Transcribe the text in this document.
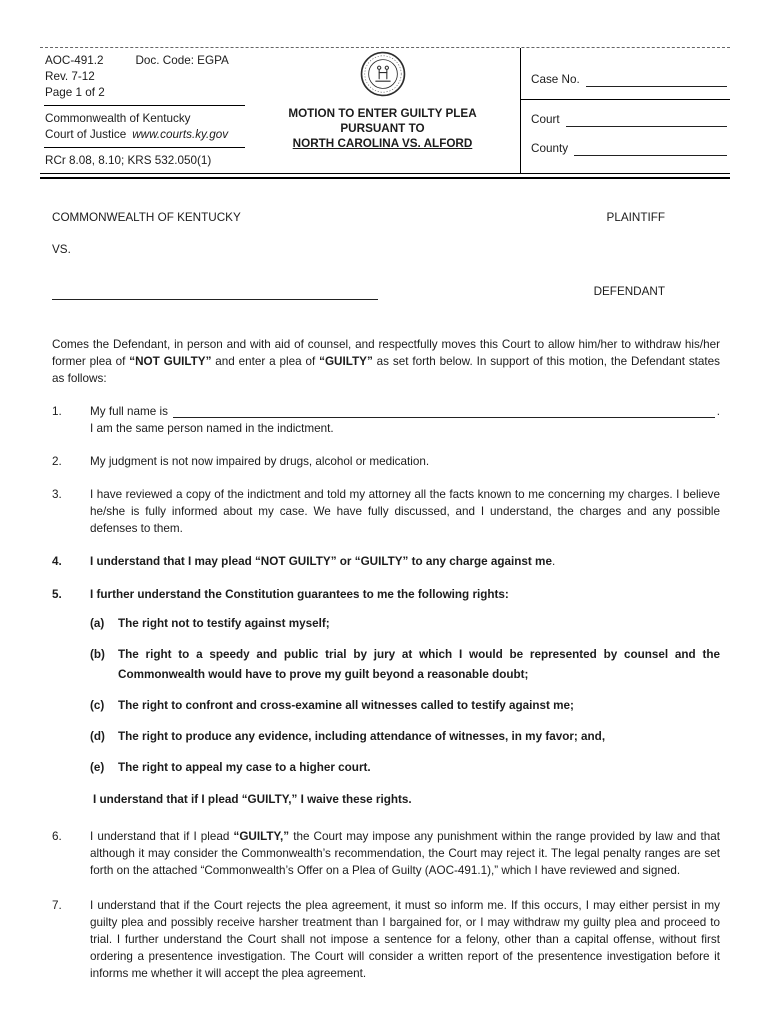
AOC-491.2	Doc. Code: EGPA
Rev. 7-12
Page 1 of 2
Commonwealth of Kentucky
Court of Justice www.courts.ky.gov
RCr 8.08, 8.10; KRS 532.050(1)
MOTION TO ENTER GUILTY PLEA
PURSUANT TO
NORTH CAROLINA VS. ALFORD
Case No.
Court
County
COMMONWEALTH OF KENTUCKY	PLAINTIFF
VS.
DEFENDANT

Comes the Defendant, in person and with aid of counsel, and respectfully moves this Court to allow him/her to withdraw his/her former plea of “NOT GUILTY” and enter a plea of “GUILTY” as set forth below. In support of this motion, the Defendant states as follows:

1.	My full name is	.
I am the same person named in the indictment.
2.	My judgment is not now impaired by drugs, alcohol or medication.
3.	I have reviewed a copy of the indictment and told my attorney all the facts known to me concerning my charges. I believe he/she is fully informed about my case. We have fully discussed, and I understand, the charges and any possible defenses to them.
4.	I understand that I may plead “NOT GUILTY” or “GUILTY” to any charge against me.
5.	I further understand the Constitution guarantees to me the following rights:
(a)	The right not to testify against myself;
(b)	The right to a speedy and public trial by jury at which I would be represented by counsel and the Commonwealth would have to prove my guilt beyond a reasonable doubt;
(c)	The right to confront and cross-examine all witnesses called to testify against me;
(d)	The right to produce any evidence, including attendance of witnesses, in my favor; and,
(e)	The right to appeal my case to a higher court.
I understand that if I plead “GUILTY,” I waive these rights.
6.	I understand that if I plead “GUILTY,” the Court may impose any punishment within the range provided by law and that although it may consider the Commonwealth’s recommendation, the Court may reject it. The legal penalty ranges are set forth on the attached “Commonwealth’s Offer on a Plea of Guilty (AOC-491.1),” which I have reviewed and signed.
7.	I understand that if the Court rejects the plea agreement, it must so inform me. If this occurs, I may either persist in my guilty plea and possibly receive harsher treatment than I bargained for, or I may withdraw my guilty plea and proceed to trial. I further understand the Court shall not impose a sentence for a felony, other than a capital offense, without first ordering a presentence investigation. The Court will consider a written report of the presentence investigation before it informs me whether it will accept the plea agreement.
